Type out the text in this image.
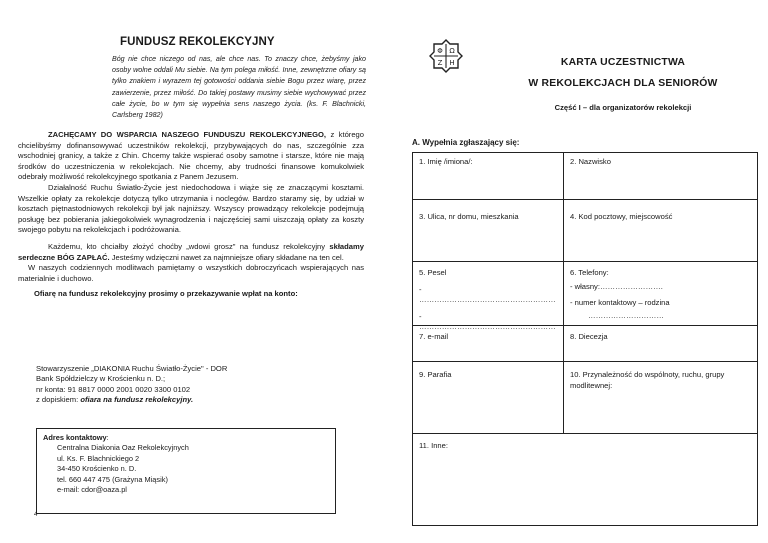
FUNDUSZ REKOLEKCYJNY
Bóg nie chce niczego od nas, ale chce nas. To znaczy chce, żebyśmy jako osoby wolne oddali Mu siebie. Na tym polega miłość. Inne, zewnętrzne ofiary są tylko znakiem i wyrazem tej gotowości oddania siebie Bogu przez wiarę, przez zawierzenie, przez miłość. Do takiej postawy musimy siebie wychowywać przez całe życie, bo w tym się wypełnia sens naszego życia. (ks. F. Blachnicki, Carlsberg 1982)

ZACHĘCAMY DO WSPARCIA NASZEGO FUNDUSZU REKOLEKCYJNEGO, z którego chcielibyśmy dofinansowywać uczestników rekolekcji, przybywających do nas, szczególnie zza wschodniej granicy, a także z Chin. Chcemy także wspierać osoby samotne i starsze, które nie mają środków do uczestniczenia w rekolekcjach. Nie chcemy, aby trudności finansowe komukolwiek odebrały możliwość rekolekcyjnego spotkania z Panem Jezusem.

Działalność Ruchu Światło-Życie jest niedochodowa i wiąże się ze znaczącymi kosztami. Wszelkie opłaty za rekolekcje dotyczą tylko utrzymania i noclegów. Bardzo staramy się, by udział w kosztach piętnastodniowych rekolekcji był jak najniższy. Wszyscy prowadzący rekolekcje podejmują posługę bez pobierania jakiegokolwiek wynagrodzenia i najczęściej sami uiszczają opłaty za koszty swojego pobytu na rekolekcjach i podróżowania.

Każdemu, kto chciałby złożyć choćby „wdowi grosz" na fundusz rekolekcyjny składamy serdeczne BÓG ZAPŁAĆ. Jesteśmy wdzięczni nawet za najmniejsze ofiary składane na ten cel.

W naszych codziennych modlitwach pamiętamy o wszystkich dobroczyńcach wspierających nas materialnie i duchowo.

Ofiarę na fundusz rekolekcyjny prosimy o przekazywanie wpłat na konto:

Stowarzyszenie „DIAKONIA Ruchu Światło-Życie" - DOR
Bank Spółdzielczy w Krościenku n. D.;
nr konta: 91 8817 0000 2001 0020 3300 0102
z dopiskiem: ofiara na fundusz rekolekcyjny.
Adres kontaktowy:
Centralna Diakonia Oaz Rekolekcyjnych
ul. Ks. F. Blachnickiego 2
34-450 Krościenko n. D.
tel. 660 447 475 (Grażyna Miąsik)
e-mail: cdor@oaza.pl
4
Φ Ω
Ζ Η	KARTA UCZESTNICTWA
W REKOLEKCJACH DLA SENIORÓW
Część I – dla organizatorów rekolekcji
A. Wypełnia zgłaszający się:
1. Imię /imiona/:	2. Nazwisko
3. Ulica, nr domu, mieszkania	4. Kod pocztowy, miejscowość
5. Pesel
- ………………………………………………
- ………………………………………………
6. Telefony:
- własny:…………………….
- numer kontaktowy – rodzina
…………………………
7. e-mail	8. Diecezja
9. Parafia	10. Przynależność do wspólnoty, ruchu, grupy modlitewnej:
11. Inne:
